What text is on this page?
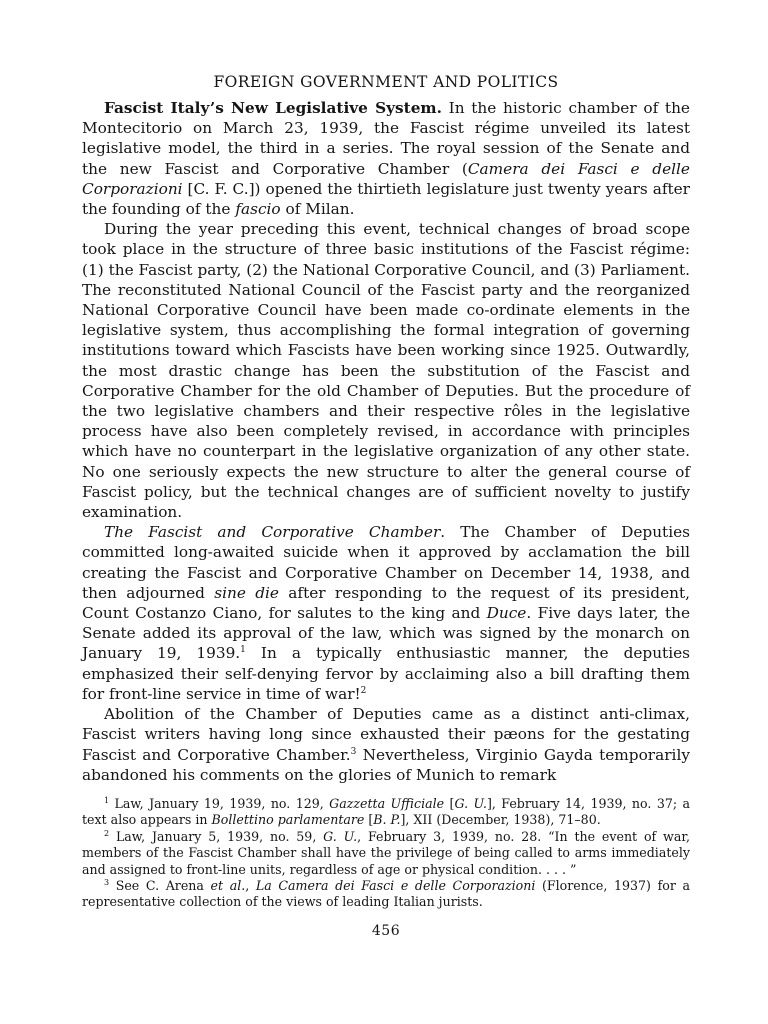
FOREIGN GOVERNMENT AND POLITICS

Fascist Italy’s New Legislative System. In the historic chamber of the Montecitorio on March 23, 1939, the Fascist régime unveiled its latest legislative model, the third in a series. The royal session of the Senate and the new Fascist and Corporative Chamber (Camera dei Fasci e delle Corporazioni [C. F. C.]) opened the thirtieth legislature just twenty years after the founding of the fascio of Milan.

During the year preceding this event, technical changes of broad scope took place in the structure of three basic institutions of the Fascist régime: (1) the Fascist party, (2) the National Corporative Council, and (3) Parliament. The reconstituted National Council of the Fascist party and the reorganized National Corporative Council have been made co-ordinate elements in the legislative system, thus accomplishing the formal integration of governing institutions toward which Fascists have been working since 1925. Outwardly, the most drastic change has been the substitution of the Fascist and Corporative Chamber for the old Chamber of Deputies. But the procedure of the two legislative chambers and their respective rôles in the legislative process have also been completely revised, in accordance with principles which have no counterpart in the legislative organization of any other state. No one seriously expects the new structure to alter the general course of Fascist policy, but the technical changes are of sufficient novelty to justify examination.

The Fascist and Corporative Chamber. The Chamber of Deputies committed long-awaited suicide when it approved by acclamation the bill creating the Fascist and Corporative Chamber on December 14, 1938, and then adjourned sine die after responding to the request of its president, Count Costanzo Ciano, for salutes to the king and Duce. Five days later, the Senate added its approval of the law, which was signed by the monarch on January 19, 1939.$^1$ In a typically enthusiastic manner, the deputies emphasized their self-denying fervor by acclaiming also a bill drafting them for front-line service in time of war!$^2$

Abolition of the Chamber of Deputies came as a distinct anti-climax, Fascist writers having long since exhausted their pæons for the gestating Fascist and Corporative Chamber.$^3$ Nevertheless, Virginio Gayda temporarily abandoned his comments on the glories of Munich to remark

$^1$ Law, January 19, 1939, no. 129, Gazzetta Ufficiale [G. U.], February 14, 1939, no. 37; a text also appears in Bollettino parlamentare [B. P.], XII (December, 1938), 71–80.

$^2$ Law, January 5, 1939, no. 59, G. U., February 3, 1939, no. 28. “In the event of war, members of the Fascist Chamber shall have the privilege of being called to arms immediately and assigned to front-line units, regardless of age or physical condition. . . . ”

$^3$ See C. Arena et al., La Camera dei Fasci e delle Corporazioni (Florence, 1937) for a representative collection of the views of leading Italian jurists.

456
